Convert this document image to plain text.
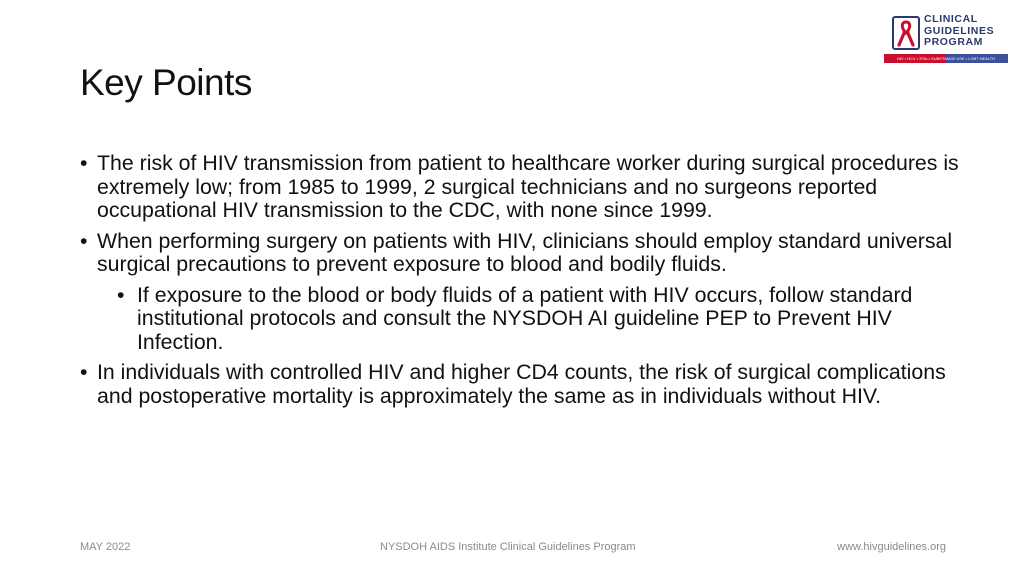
CLINICAL
GUIDELINES
PROGRAM
HIV • HCV • STIs • SUBSTANCE USE • LGBT HEALTH
Key Points
• The risk of HIV transmission from patient to healthcare worker during surgical procedures is extremely low; from 1985 to 1999, 2 surgical technicians and no surgeons reported occupational HIV transmission to the CDC, with none since 1999.
• When performing surgery on patients with HIV, clinicians should employ standard universal surgical precautions to prevent exposure to blood and bodily fluids.
• If exposure to the blood or body fluids of a patient with HIV occurs, follow standard institutional protocols and consult the NYSDOH AI guideline PEP to Prevent HIV Infection.
• In individuals with controlled HIV and higher CD4 counts, the risk of surgical complications and postoperative mortality is approximately the same as in individuals without HIV.
MAY 2022	NYSDOH AIDS Institute Clinical Guidelines Program	www.hivguidelines.org
